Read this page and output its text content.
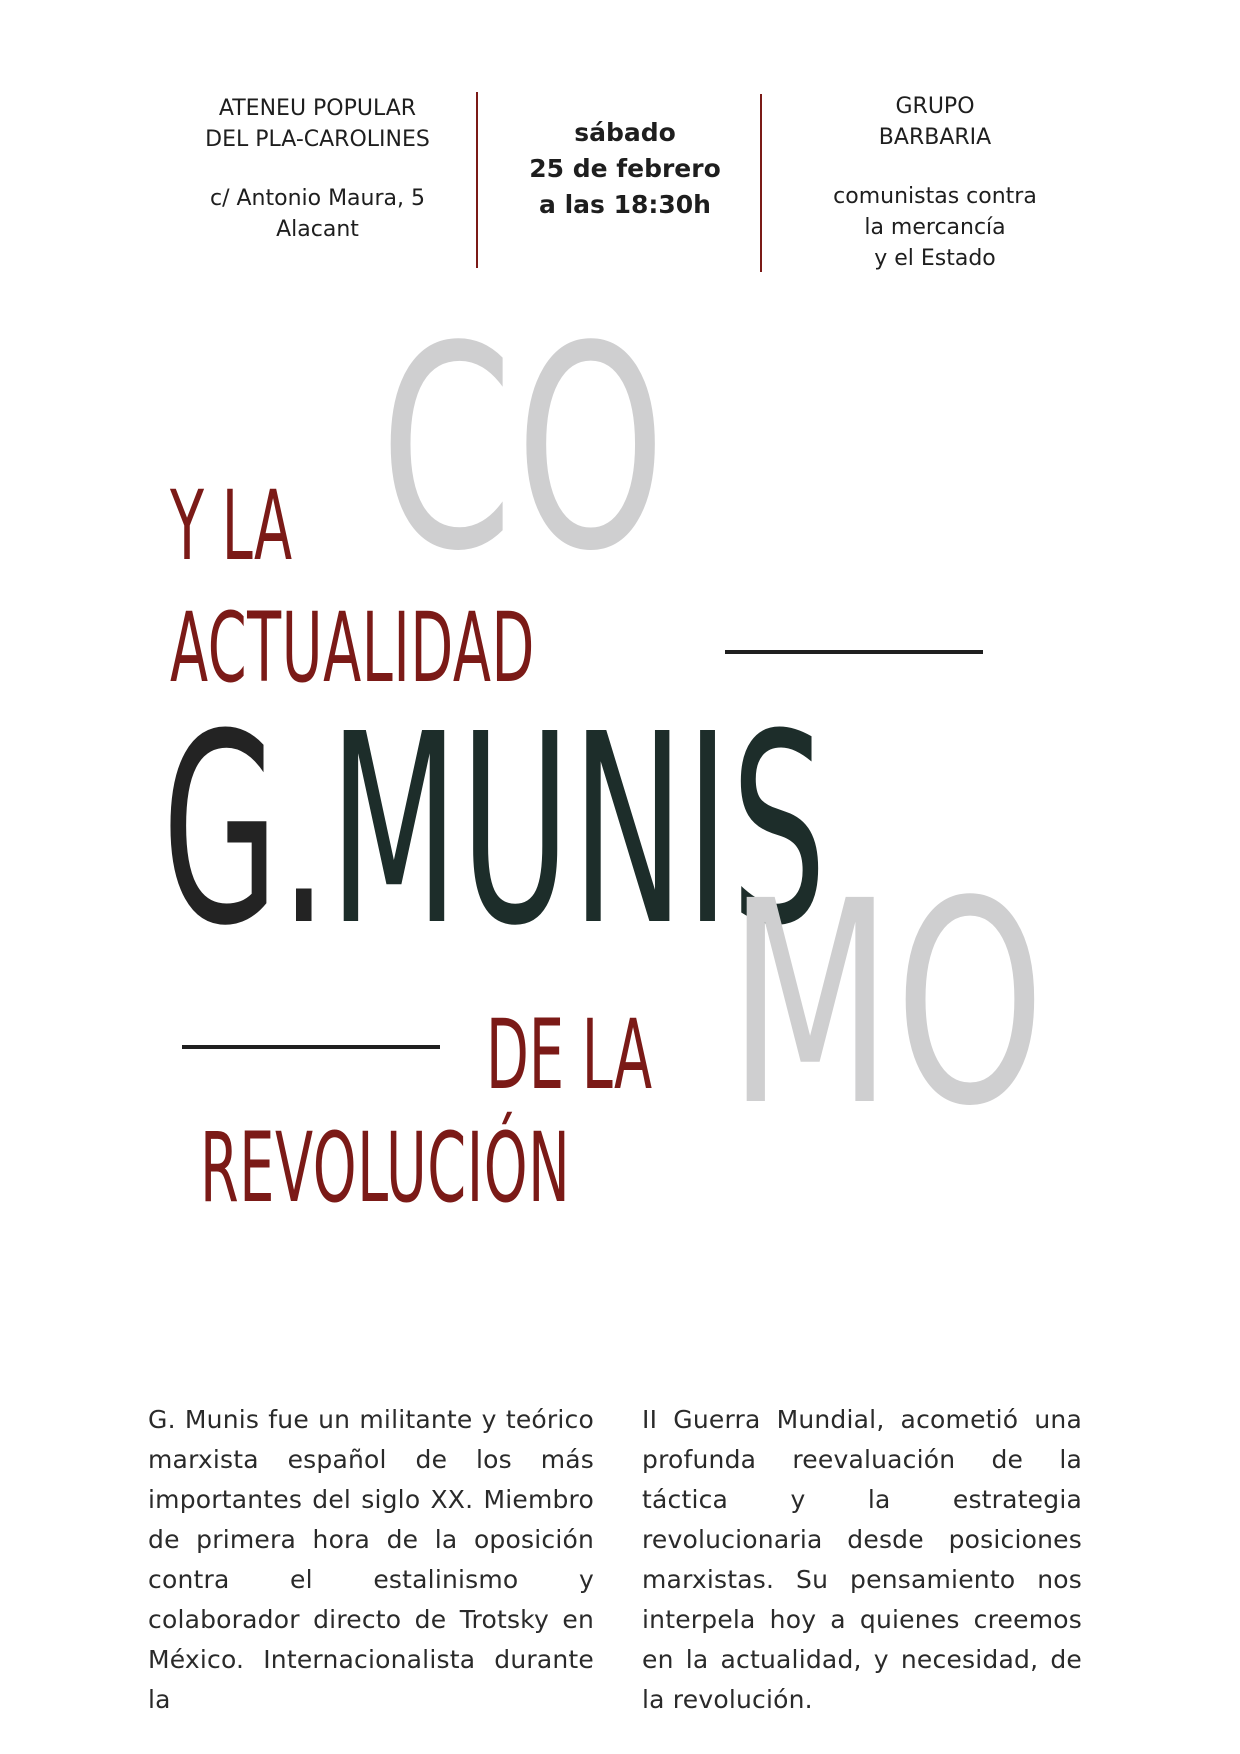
ATENEU POPULAR
DEL PLA-CAROLINES
c/ Antonio Maura, 5
Alacant
sábado
25 de febrero
a las 18:30h
GRUPO
BARBARIA
comunistas contra
la mercancía
y el Estado
CO
Y LA
ACTUALIDAD
G.MUNIS
DE LA
REVOLUCIÓN MO

G. Munis fue un militante y teórico marxista español de los más importantes del siglo XX. Miembro de primera hora de la oposición contra el estalinismo y colaborador directo de Trotsky en México. Internacionalista durante la

II Guerra Mundial, acometió una profunda reevaluación de la táctica y la estrategia revolucionaria desde posiciones marxistas. Su pensamiento nos interpela hoy a quienes creemos en la actualidad, y necesidad, de la revolución.
